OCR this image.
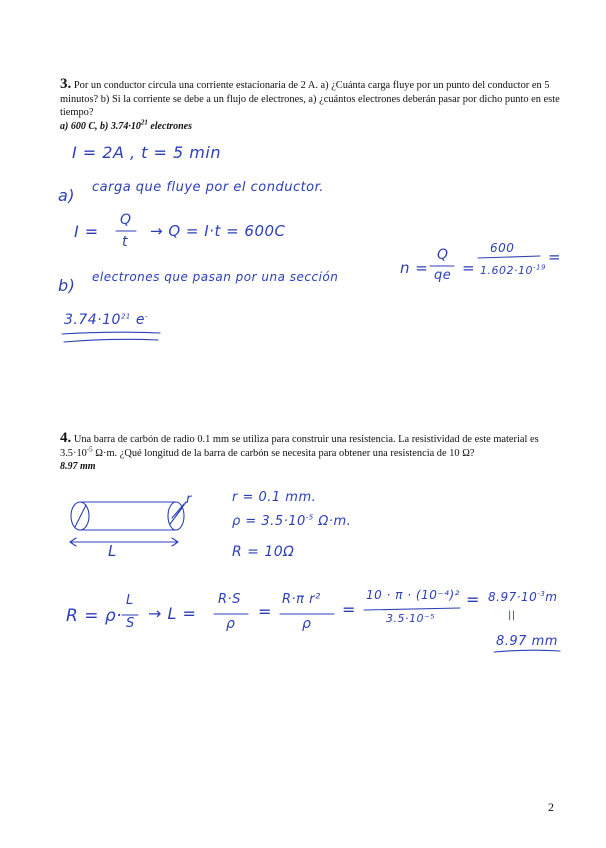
3. Por un conductor circula una corriente estacionaria de 2 A. a) ¿Cuánta carga fluye por un punto del conductor en 5 minutos? b) Si la corriente se debe a un flujo de electrones, a) ¿cuántos electrones deberán pasar por dicho punto en este tiempo?
a) 600 C, b) $3.74\cdot 10^{21}$ electrones
I = 2A , t = 5 min
a) carga que fluye por el conductor.
I =
Q
t
→ Q = I·t = 600C
b) electrones que pasan por una sección	n =
Q
qe =
600
$1.602\cdot 10^{-19}$
=
$3.74\cdot 10^{21}$ e-
4. Una barra de carbón de radio 0.1 mm se utiliza para construir una resistencia. La resistividad de este material es $3.5\cdot 10^{-5}$ Ω·m. ¿Qué longitud de la barra de carbón se necesita para obtener una resistencia de 10 Ω?
8.97 mm
r
L
r = 0.1 mm.
$\rho = 3.5\cdot 10^{-5}$ Ω·m.
R = 10Ω
R = ρ·
L
S
→ L =
R·S
ρ
=
R·π r²
ρ
=
10 · π · (10⁻⁴)²
3.5·10⁻⁵
= $8.97\cdot 10^{-3}m$
||
8.97 mm
2
